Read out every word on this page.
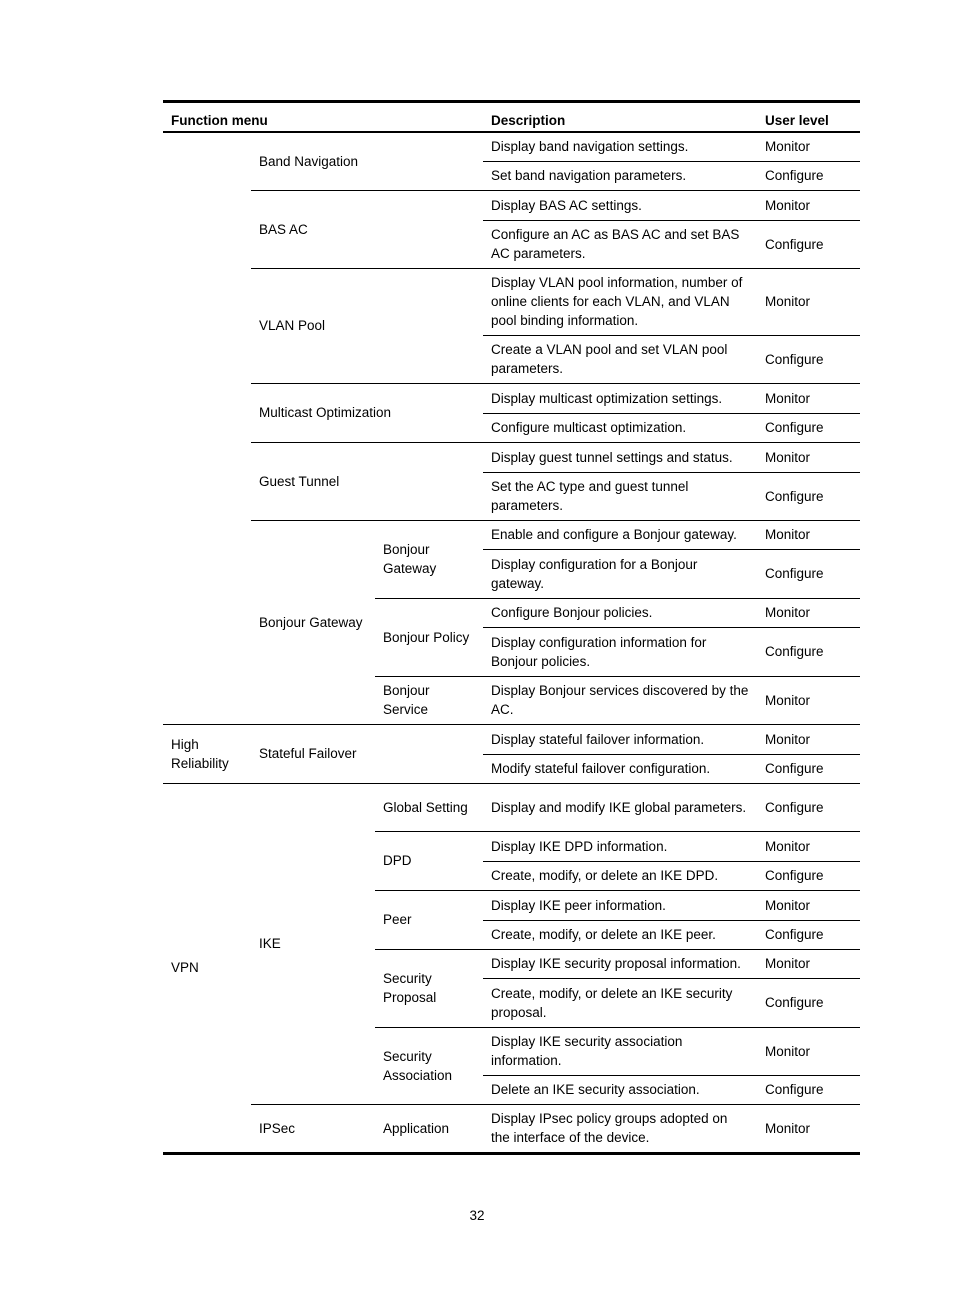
Function menu			Description	User level
	Band Navigation		Display band navigation settings.	Monitor
			Set band navigation parameters.	Configure
	BAS AC		Display BAS AC settings.	Monitor
			Configure an AC as BAS AC and set BAS AC parameters.	Configure
	VLAN Pool		Display VLAN pool information, number of online clients for each VLAN, and VLAN pool binding information.	Monitor
			Create a VLAN pool and set VLAN pool parameters.	Configure
	Multicast Optimization		Display multicast optimization settings.	Monitor
			Configure multicast optimization.	Configure
	Guest Tunnel		Display guest tunnel settings and status.	Monitor
			Set the AC type and guest tunnel parameters.	Configure
	Bonjour Gateway	Bonjour Gateway	Enable and configure a Bonjour gateway.	Monitor
			Display configuration for a Bonjour gateway.	Configure
		Bonjour Policy	Configure Bonjour policies.	Monitor
			Display configuration information for Bonjour policies.	Configure
		Bonjour Service	Display Bonjour services discovered by the AC.	Monitor
High Reliability	Stateful Failover		Display stateful failover information.	Monitor
			Modify stateful failover configuration.	Configure
VPN	IKE	Global Setting	Display and modify IKE global parameters.	Configure
		DPD	Display IKE DPD information.	Monitor
			Create, modify, or delete an IKE DPD.	Configure
		Peer	Display IKE peer information.	Monitor
			Create, modify, or delete an IKE peer.	Configure
		Security Proposal	Display IKE security proposal information.	Monitor
			Create, modify, or delete an IKE security proposal.	Configure
		Security Association	Display IKE security association information.	Monitor
			Delete an IKE security association.	Configure
	IPSec	Application	Display IPsec policy groups adopted on the interface of the device.	Monitor
32
